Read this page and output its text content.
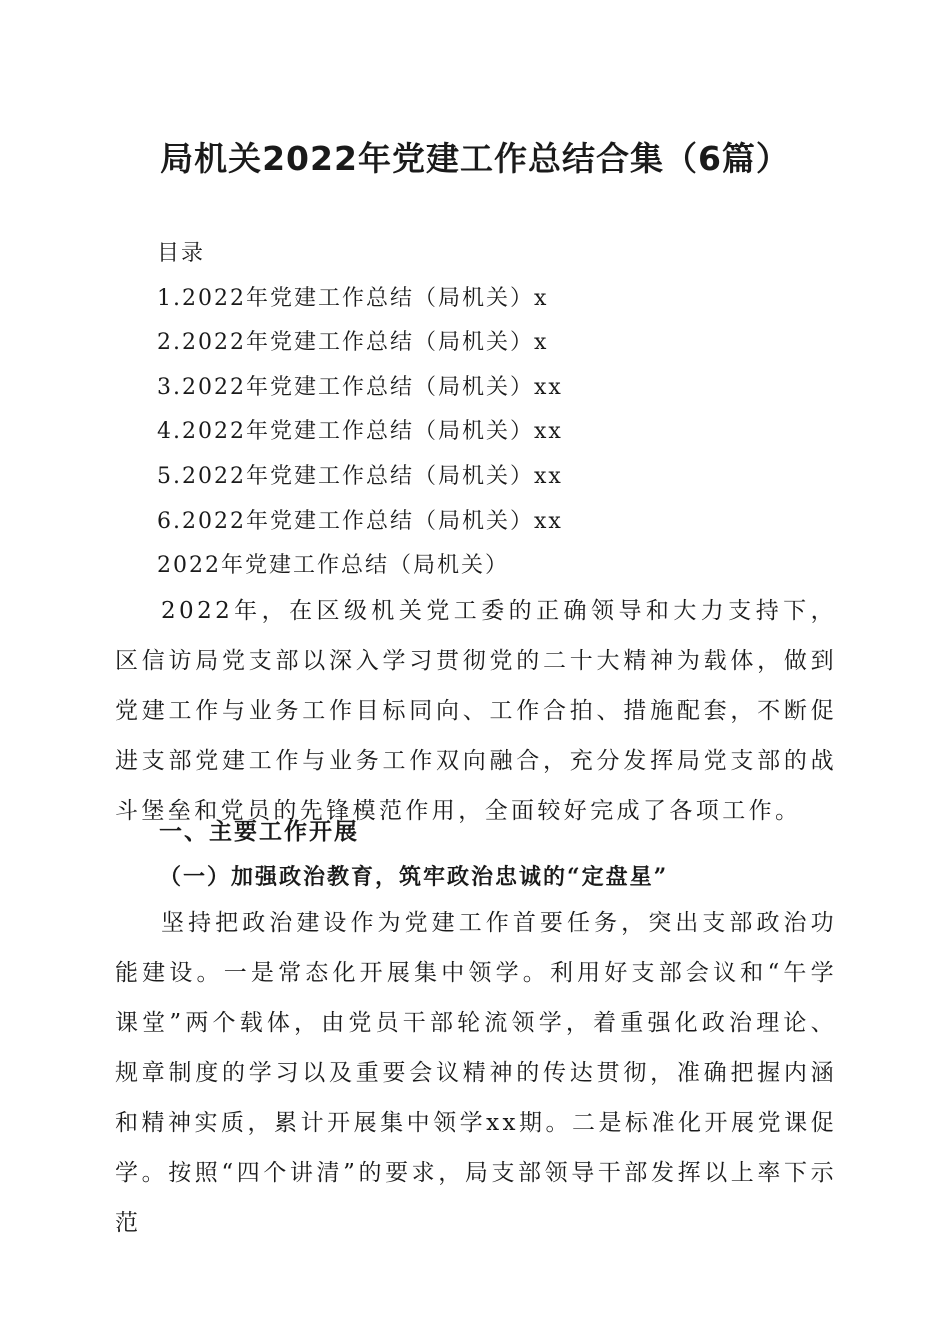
局机关2022年党建工作总结合集（6篇）
目录
1.2022年党建工作总结（局机关）x
2.2022年党建工作总结（局机关）x
3.2022年党建工作总结（局机关）xx
4.2022年党建工作总结（局机关）xx
5.2022年党建工作总结（局机关）xx
6.2022年党建工作总结（局机关）xx
2022年党建工作总结（局机关）

2022年，在区级机关党工委的正确领导和大力支持下，区信访局党支部以深入学习贯彻党的二十大精神为载体，做到党建工作与业务工作目标同向、工作合拍、措施配套，不断促进支部党建工作与业务工作双向融合，充分发挥局党支部的战斗堡垒和党员的先锋模范作用，全面较好完成了各项工作。

一、主要工作开展
（一）加强政治教育，筑牢政治忠诚的“定盘星”

坚持把政治建设作为党建工作首要任务，突出支部政治功能建设。一是常态化开展集中领学。利用好支部会议和“午学课堂”两个载体，由党员干部轮流领学，着重强化政治理论、规章制度的学习以及重要会议精神的传达贯彻，准确把握内涵和精神实质，累计开展集中领学xx期。二是标准化开展党课促学。按照“四个讲清”的要求，局支部领导干部发挥以上率下示范
